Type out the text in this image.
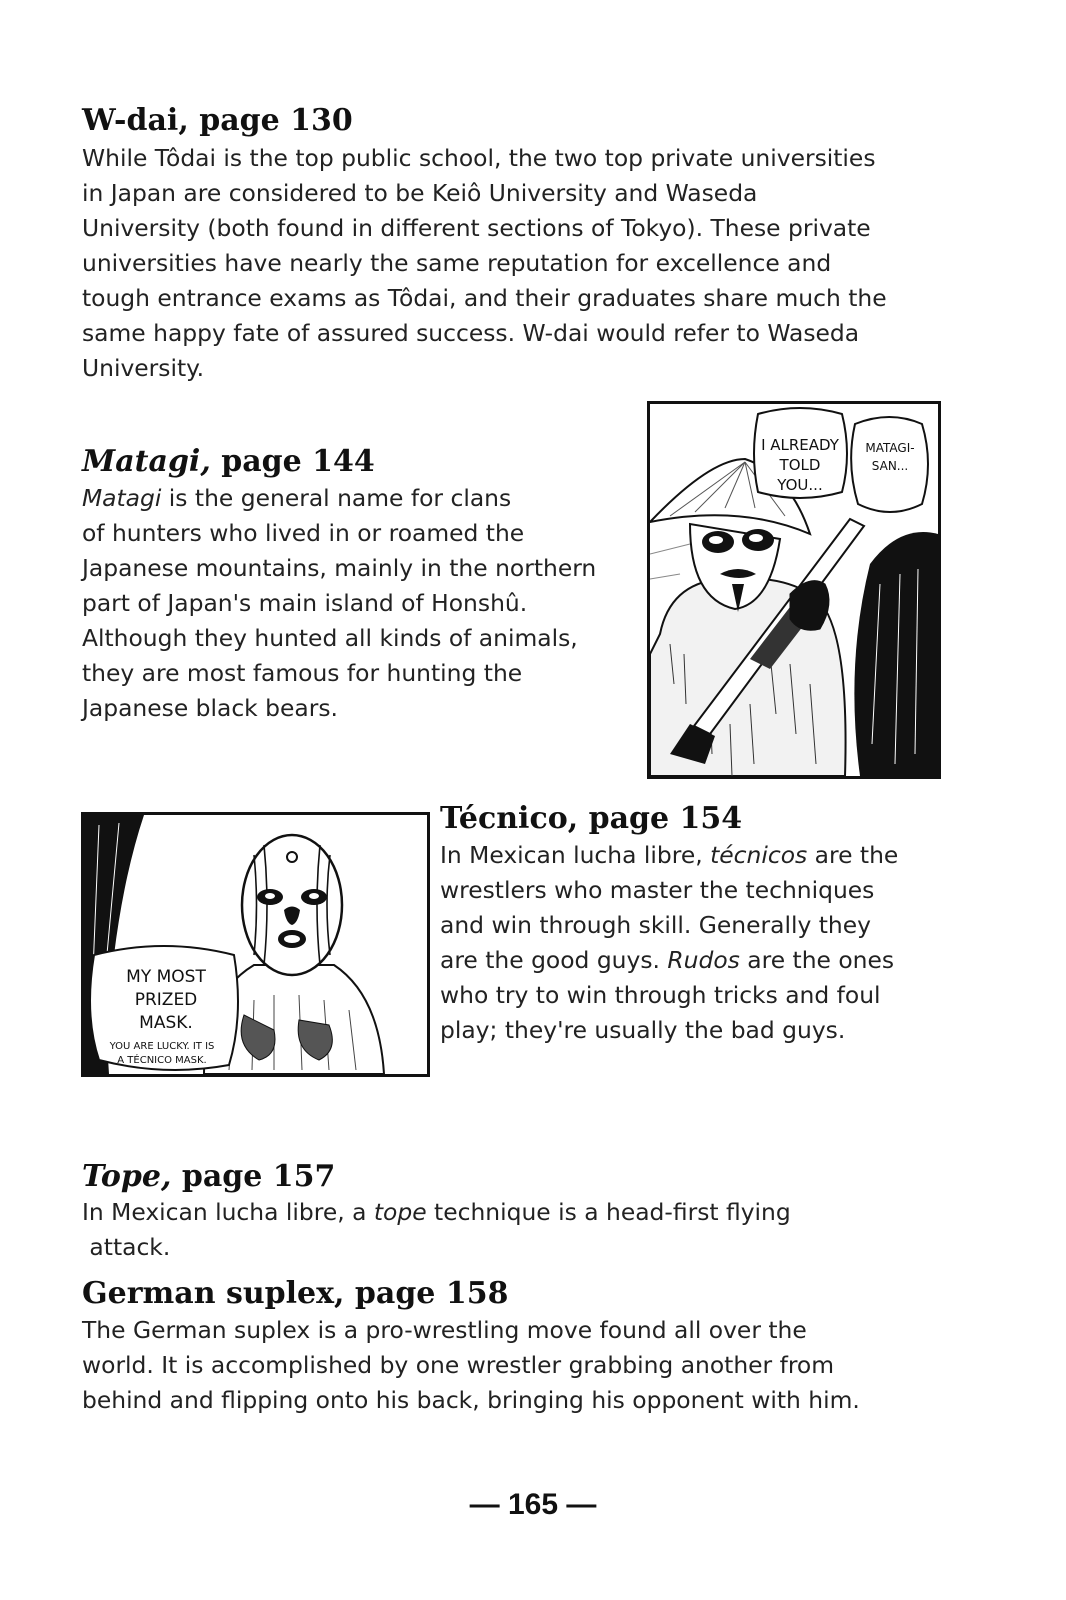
W-dai, page 130
While Tôdai is the top public school, the two top private universities
in Japan are considered to be Keiô University and Waseda
University (both found in different sections of Tokyo). These private
universities have nearly the same reputation for excellence and
tough entrance exams as Tôdai, and their graduates share much the
same happy fate of assured success. W-dai would refer to Waseda
University.
Matagi, page 144
Matagi is the general name for clans
of hunters who lived in or roamed the
Japanese mountains, mainly in the northern
part of Japan's main island of Honshû.
Although they hunted all kinds of animals,
they are most famous for hunting the
Japanese black bears.
I ALREADY
TOLD
YOU...
MATAGI-
SAN...
MY MOST
PRIZED
MASK.
YOU ARE LUCKY. IT IS
A TÉCNICO MASK.
Técnico, page 154
In Mexican lucha libre, técnicos are the
wrestlers who master the techniques
and win through skill. Generally they
are the good guys. Rudos are the ones
who try to win through tricks and foul
play; they're usually the bad guys.
Tope, page 157
In Mexican lucha libre, a tope technique is a head-first flying
attack.
German suplex, page 158
The German suplex is a pro-wrestling move found all over the
world. It is accomplished by one wrestler grabbing another from
behind and flipping onto his back, bringing his opponent with him.
— 165 —
